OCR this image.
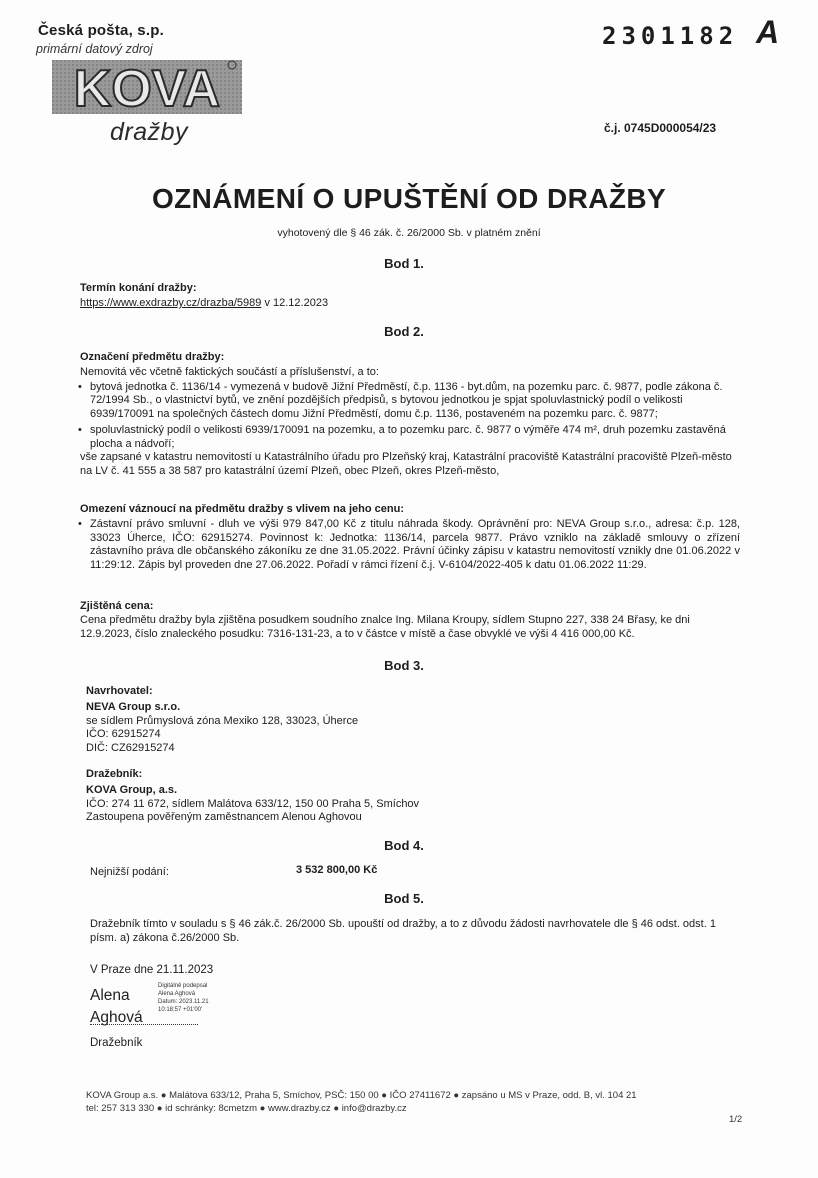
Česká pošta, s.p.
primární datový zdroj
KOVA
dražby
2301182 A
č.j. 0745D000054/23
OZNÁMENÍ O UPUŠTĚNÍ OD DRAŽBY
vyhotovený dle § 46 zák. č. 26/2000 Sb. v platném znění
Bod 1.
Termín konání dražby:
https://www.exdrazby.cz/drazba/5989 v 12.12.2023
Bod 2.
Označení předmětu dražby:
Nemovitá věc včetně faktických součástí a příslušenství, a to:
• bytová jednotka č. 1136/14 - vymezená v budově Jižní Předměstí, č.p. 1136 - byt.dům, na pozemku parc. č. 9877, podle zákona č. 72/1994 Sb., o vlastnictví bytů, ve znění pozdějších předpisů, s bytovou jednotkou je spjat spoluvlastnický podíl o velikosti 6939/170091 na společných částech domu Jižní Předměstí, domu č.p. 1136, postaveném na pozemku parc. č. 9877;
• spoluvlastnický podíl o velikosti 6939/170091 na pozemku, a to pozemku parc. č. 9877 o výměře 474 m², druh pozemku zastavěná plocha a nádvoří;
vše zapsané v katastru nemovitostí u Katastrálního úřadu pro Plzeňský kraj, Katastrální pracoviště Katastrální pracoviště Plzeň-město na LV č. 41 555 a 38 587 pro katastrální území Plzeň, obec Plzeň, okres Plzeň-město,
Omezení váznoucí na předmětu dražby s vlivem na jeho cenu:
• Zástavní právo smluvní - dluh ve výši 979 847,00 Kč z titulu náhrada škody. Oprávnění pro: NEVA Group s.r.o., adresa: č.p. 128, 33023 Úherce, IČO: 62915274. Povinnost k: Jednotka: 1136/14, parcela 9877. Právo vzniklo na základě smlouvy o zřízení zástavního práva dle občanského zákoníku ze dne 31.05.2022. Právní účinky zápisu v katastru nemovitostí vznikly dne 01.06.2022 v 11:29:12. Zápis byl proveden dne 27.06.2022. Pořadí v rámci řízení č.j. V-6104/2022-405 k datu 01.06.2022 11:29.
Zjištěná cena:
Cena předmětu dražby byla zjištěna posudkem soudního znalce Ing. Milana Kroupy, sídlem Stupno 227, 338 24 Břasy, ke dni 12.9.2023, číslo znaleckého posudku: 7316-131-23, a to v částce v místě a čase obvyklé ve výši 4 416 000,00 Kč.
Bod 3.
Navrhovatel:
NEVA Group s.r.o.
se sídlem Průmyslová zóna Mexiko 128, 33023, Úherce
IČO: 62915274
DIČ: CZ62915274
Dražebník:
KOVA Group, a.s.
IČO: 274 11 672, sídlem Malátova 633/12, 150 00 Praha 5, Smíchov
Zastoupena pověřeným zaměstnancem Alenou Aghovou
Bod 4.
Nejnižší podání:	3 532 800,00 Kč
Bod 5.
Dražebník tímto v souladu s § 46 zák.č. 26/2000 Sb. upouští od dražby, a to z důvodu žádosti navrhovatele dle § 46 odst. odst. 1 písm. a) zákona č.26/2000 Sb.
V Praze dne 21.11.2023
Alena
Aghová
Digitálně podepsal
Alena Aghová
Datum: 2023.11.21
10:18:57 +01'00'
Dražebník
KOVA Group a.s. ● Malátova 633/12, Praha 5, Smíchov, PSČ: 150 00 ● IČO 27411672 ● zapsáno u MS v Praze, odd. B, vl. 104 21
tel: 257 313 330 ● id schránky: 8cmetzm ● www.drazby.cz ● info@drazby.cz
1/2
